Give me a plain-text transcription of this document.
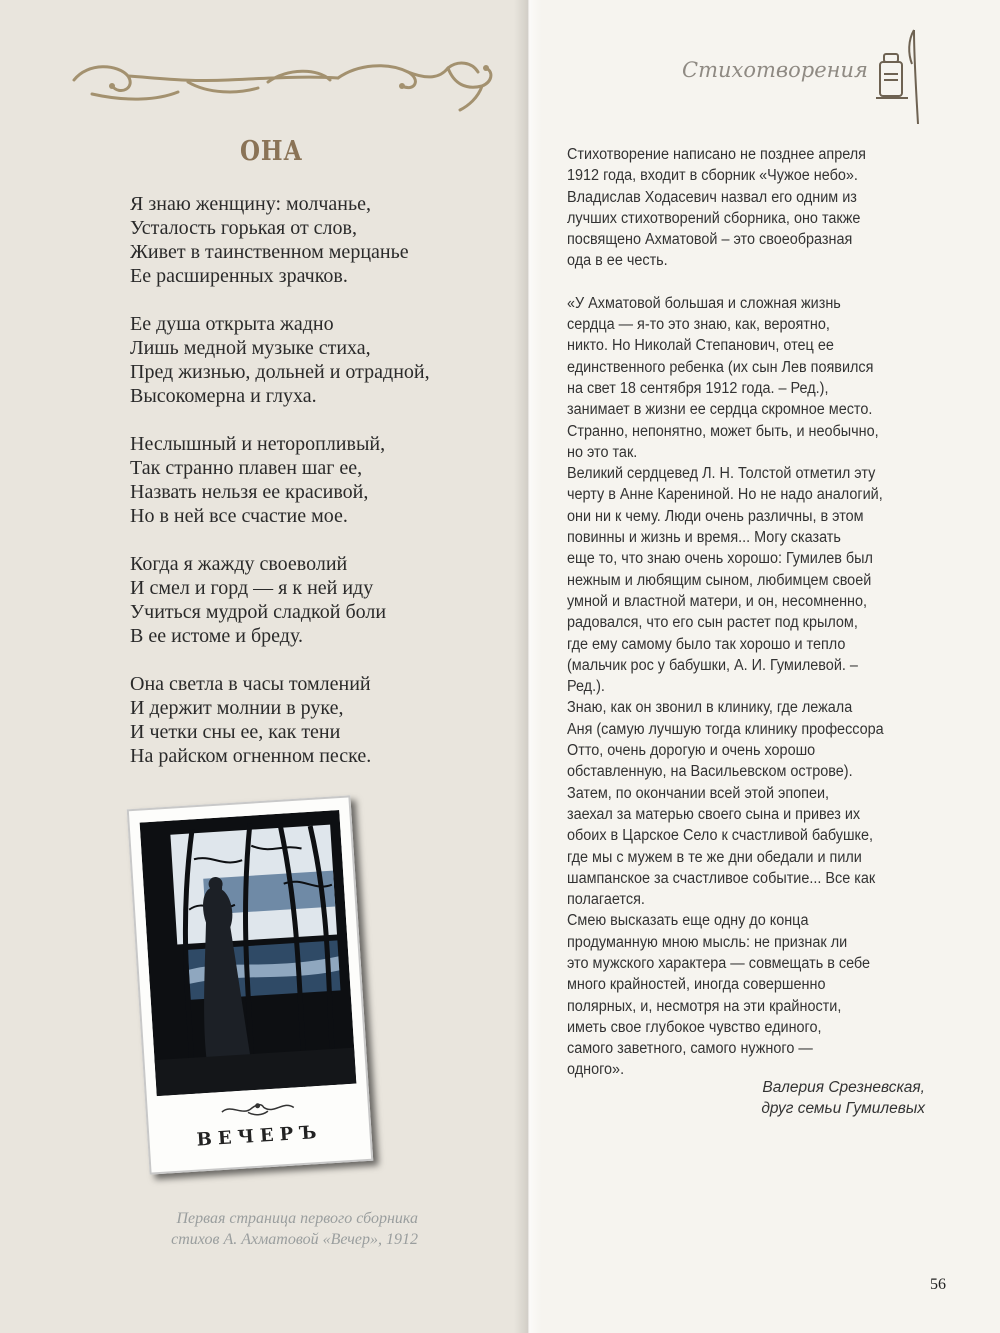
ОНА
Я знаю женщину: молчанье,
Усталость горькая от слов,
Живет в таинственном мерцанье
Ее расширенных зрачков.
Ее душа открыта жадно
Лишь медной музыке стиха,
Пред жизнью, дольней и отрадной,
Высокомерна и глуха.
Неслышный и неторопливый,
Так странно плавен шаг ее,
Назвать нельзя ее красивой,
Но в ней все счастие мое.
Когда я жажду своеволий
И смел и горд — я к ней иду
Учиться мудрой сладкой боли
В ее истоме и бреду.
Она светла в часы томлений
И держит молнии в руке,
И четки сны ее, как тени
На райском огненном песке.
ВЕЧЕРЪ
Первая страница первого сборника
стихов А. Ахматовой «Вечер», 1912
Стихотворения
Стихотворение написано не позднее апреля
1912 года, входит в сборник «Чужое небо».
Владислав Ходасевич назвал его одним из
лучших стихотворений сборника, оно также
посвящено Ахматовой – это своеобразная
ода в ее честь.
«У Ахматовой большая и сложная жизнь
сердца — я-то это знаю, как, вероятно,
никто. Но Николай Степанович, отец ее
единственного ребенка (их сын Лев появился
на свет 18 сентября 1912 года. – Ред.),
занимает в жизни ее сердца скромное место.
Странно, непонятно, может быть, и необычно,
но это так.
Великий сердцевед Л. Н. Толстой отметил эту
черту в Анне Карениной. Но не надо аналогий,
они ни к чему. Люди очень различны, в этом
повинны и жизнь и время... Могу сказать
еще то, что знаю очень хорошо: Гумилев был
нежным и любящим сыном, любимцем своей
умной и властной матери, и он, несомненно,
радовался, что его сын растет под крылом,
где ему самому было так хорошо и тепло
(мальчик рос у бабушки, А. И. Гумилевой. –
Ред.).
Знаю, как он звонил в клинику, где лежала
Аня (самую лучшую тогда клинику профессора
Отто, очень дорогую и очень хорошо
обставленную, на Васильевском острове).
Затем, по окончании всей этой эпопеи,
заехал за матерью своего сына и привез их
обоих в Царское Село к счастливой бабушке,
где мы с мужем в те же дни обедали и пили
шампанское за счастливое событие... Все как
полагается.
Смею высказать еще одну до конца
продуманную мною мысль: не признак ли
это мужского характера — совмещать в себе
много крайностей, иногда совершенно
полярных, и, несмотря на эти крайности,
иметь свое глубокое чувство единого,
самого заветного, самого нужного —
одного».
Валерия Срезневская,
друг семьи Гумилевых
56
